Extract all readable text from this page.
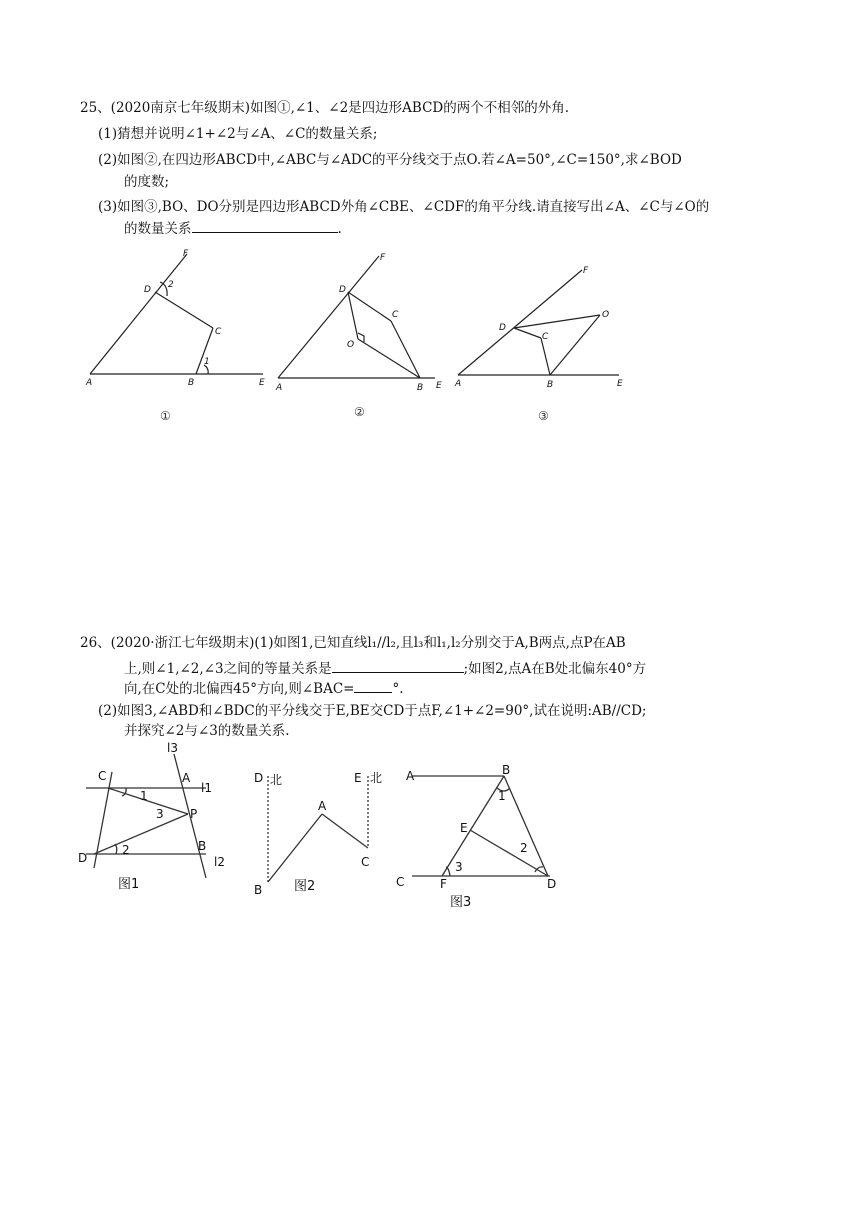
25、(2020南京七年级期末)如图①,∠1、∠2是四边形ABCD的两个不相邻的外角.
(1)猜想并说明∠1+∠2与∠A、∠C的数量关系;
(2)如图②,在四边形ABCD中,∠ABC与∠ADC的平分线交于点O.若∠A=50°,∠C=150°,求∠BOD
的度数;
(3)如图③,BO、DO分别是四边形ABCD外角∠CBE、∠CDF的角平分线.请直接写出∠A、∠C与∠O的
的数量关系	.
F
D 2
C
1
A	B	E
①
F
D
C
O
A	B E
②
F
O
D
C
A	B	E
③
26、(2020·浙江七年级期末)(1)如图1,已知直线l₁//l₂,且l₃和l₁,l₂分别交于A,B两点,点P在AB
上,则∠1,∠2,∠3之间的等量关系是	;如图2,点A在B处北偏东40°方
向,在C处的北偏西45°方向,则∠BAC=	°.
(2)如图3,∠ABD和∠BDC的平分线交于E,BE交CD于点F,∠1+∠2=90°,试在说明:AB//CD;
并探究∠2与∠3的数量关系.
l3
C	A
l1
1
3 P
D
2	B
l2
图1
D 北	E 北
A
C
B 图2
A	B
1
E
2
C
3
F	D
图3
